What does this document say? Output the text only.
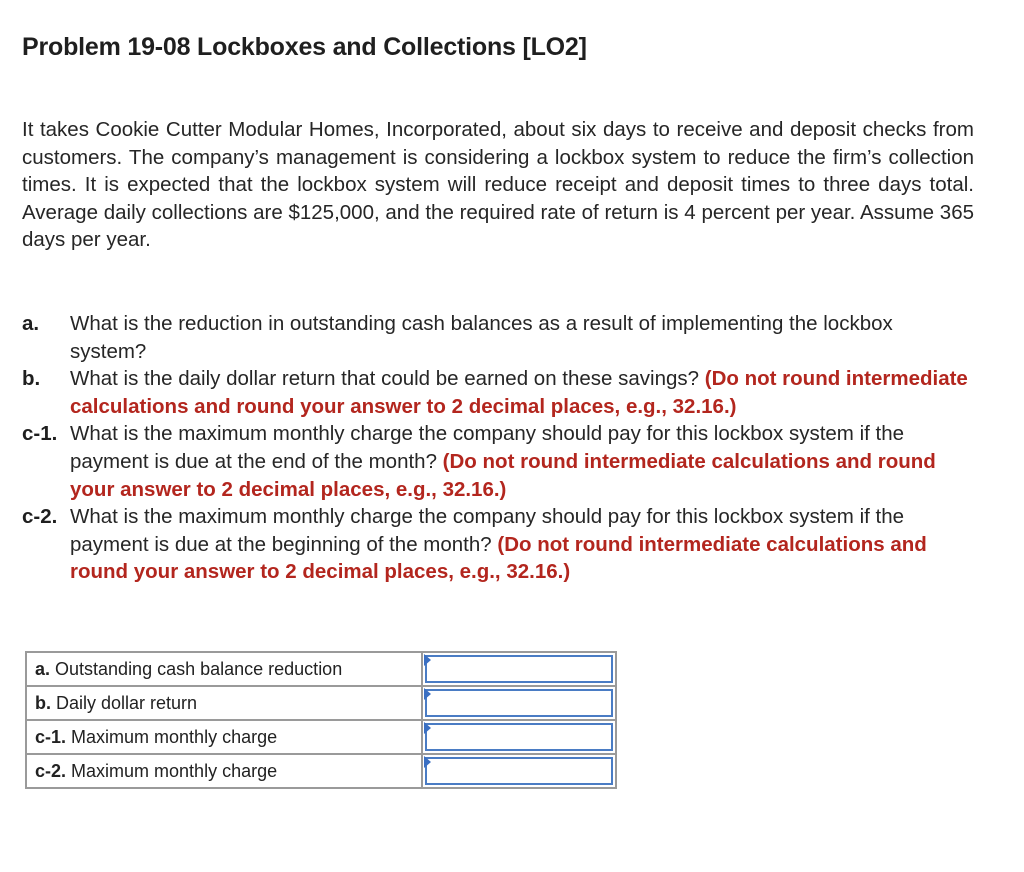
Problem 19-08 Lockboxes and Collections [LO2]
It takes Cookie Cutter Modular Homes, Incorporated, about six days to receive and deposit checks from customers. The company’s management is considering a lockbox system to reduce the firm’s collection times. It is expected that the lockbox system will reduce receipt and deposit times to three days total. Average daily collections are $125,000, and the required rate of return is 4 percent per year. Assume 365 days per year.
a. What is the reduction in outstanding cash balances as a result of implementing the lockbox system?
b. What is the daily dollar return that could be earned on these savings? (Do not round intermediate calculations and round your answer to 2 decimal places, e.g., 32.16.)
c-1. What is the maximum monthly charge the company should pay for this lockbox system if the payment is due at the end of the month? (Do not round intermediate calculations and round your answer to 2 decimal places, e.g., 32.16.)
c-2. What is the maximum monthly charge the company should pay for this lockbox system if the payment is due at the beginning of the month? (Do not round intermediate calculations and round your answer to 2 decimal places, e.g., 32.16.)
a. Outstanding cash balance reduction	

b. Daily dollar return	

c-1. Maximum monthly charge	

c-2. Maximum monthly charge	
